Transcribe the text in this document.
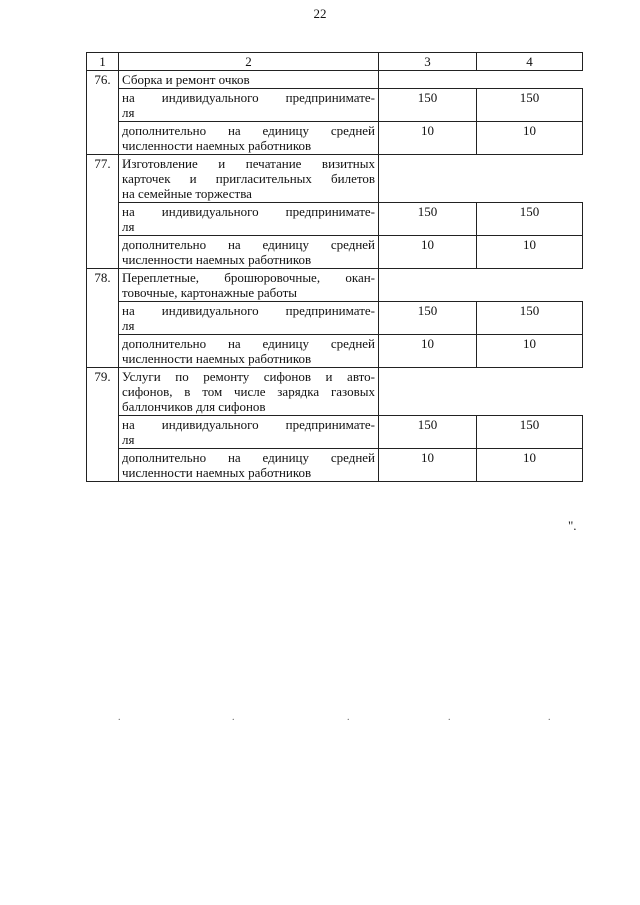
22
1	2	3	4
76.	Сборка и ремонт очков		

	на индивидуального предпринимате-
ля	150	150

	дополнительно на единицу средней
численности наемных работников	10	10
77.	Изготовление и печатание визитных
карточек и пригласительных билетов
на семейные торжества		

	на индивидуального предпринимате-
ля	150	150

	дополнительно на единицу средней
численности наемных работников	10	10
78.	Переплетные, брошюровочные, окан-
товочные, картонажные работы		

	на индивидуального предпринимате-
ля	150	150

	дополнительно на единицу средней
численности наемных работников	10	10
79.	Услуги по ремонту сифонов и авто-
сифонов, в том числе зарядка газовых
баллончиков для сифонов		

	на индивидуального предпринимате-
ля	150	150

	дополнительно на единицу средней
численности наемных работников	10	10
".
.	.	.	.	.
